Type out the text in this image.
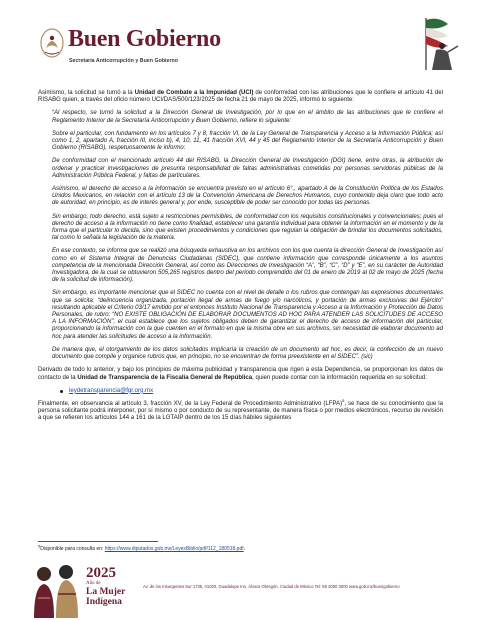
Buen Gobierno
Secretaría Anticorrupción y Buen Gobierno

Asimismo, la solicitud se turnó a la Unidad de Combate a la Impunidad (UCI) de conformidad con las atribuciones que le confiere el artículo 41 del RISABG quien, a través del oficio número UCI/DAS/500/123/2025 de fecha 21 de mayo de 2025, informó lo siguiente:

“Al respecto, se turnó la solicitud a la Dirección General de Investigación, por lo que en el ámbito de las atribuciones que le confiere el Reglamento Interior de la Secretaría Anticorrupción y Buen Gobierno, refiere lo siguiente:

Sobre el particular, con fundamento en los artículos 7 y 8, fracción VI, de la Ley General de Transparencia y Acceso a la Información Pública; así como 1, 2, apartado A, fracción III, inciso b), 4, 10, 11, 41 fracción XVI, 44 y 45 del Reglamento Interior de la Secretaría Anticorrupción y Buen Gobierno (RISABG), respetuosamente le informo:

De conformidad con el mencionado artículo 44 del RISABG, la Dirección General de Investigación (DGI) tiene, entre otras, la atribución de ordenar y practicar investigaciones de presunta responsabilidad de faltas administrativas cometidas por personas servidoras públicas de la Administración Pública Federal, y faltas de particulares.

Asimismo, el derecho de acceso a la información se encuentra previsto en el artículo 6°., apartado A de la Constitución Política de los Estados Unidos Mexicanos, en relación con el artículo 13 de la Convención Americana de Derechos Humanos, cuyo contenido deja claro que todo acto de autoridad, en principio, es de interés general y, por ende, susceptible de poder ser conocido por todas las personas.

Sin embargo, todo derecho, está sujeto a restricciones permisibles, de conformidad con los requisitos constitucionales y convencionales; pues el derecho de acceso a la información no tiene como finalidad, establecer una garantía individual para obtener la información en el momento y de la forma que el particular lo decida, sino que existen procedimientos y condiciones que regulan la obligación de brindar los documentos solicitados, tal como lo señala la legislación de la materia.

En ese contexto, se informa que se realizó una búsqueda exhaustiva en los archivos con los que cuenta la dirección General de Investigación así como en el Sistema Integral de Denuncias Ciudadanas (SIDEC), que contiene información que corresponde únicamente a los asuntos competencia de la mencionada Dirección General, así como las Direcciones de Investigación “A”, “B”, “C”, “D” y “E”, en su carácter de Autoridad Investigadora, de la cual se obtuvieron 505,265 registros dentro del periodo comprendido del 01 de enero de 2019 al 02 de mayo de 2025 (fecha de la solicitud de información).

Sin embargo, es importante mencionar que el SIDEC no cuenta con el nivel de detalle o los rubros que contengan las expresiones documentales que se solicita: “delincuencia organizada, portación ilegal de armas de fuego y/o narcóticos, y portación de armas exclusivas del Ejército” resultando aplicable el Criterio 03/17 emitido por el entonces Instituto Nacional de Transparencia y Acceso a la Información y Protección de Datos Personales, de rubro: “NO EXISTE OBLIGACIÓN DE ELABORAR DOCUMENTOS AD HOC PARA ATENDER LAS SOLICITUDES DE ACCESO A LA INFORMACIÓN”, el cual establece que los sujetos obligados deben de garantizar el derecho de acceso de información del particular, proporcionando la información con la que cuenten en el formato en que la misma obre en sus archivos, sin necesidad de elaborar documento ad hoc para atender las solicitudes de acceso a la información.

De manera que, el otorgamiento de los datos solicitados implicaría la creación de un documento ad hoc, es decir, la confección de un nuevo documento que compile y organice rubros que, en principio, no se encuentran de forma preexistente en el SIDEC”. (sic)

Derivado de todo lo anterior, y bajo los principios de máxima publicidad y transparencia que rigen a esta Dependencia, se proporcionan los datos de contacto de la Unidad de Transparencia de la Fiscalía General de República, quien puede contar con la información requerida en su solicitud:

leydetransparencia@fgr.org.mx

Finalmente, en observancia al artículo 3, fracción XV, de la Ley Federal de Procedimiento Administrativo (LFPA)$^5$, se hace de su conocimiento que la persona solicitante podrá interponer, por sí mismo o por conducto de su representante, de manera física o por medios electrónicos, recurso de revisión a que se refieren los artículos 144 a 161 de la LGTAIP dentro de los 15 días hábiles siguientes

$^5$Disponible para consulta en: https://www.diputados.gob.mx/LeyesBiblio/pdf/112_180518.pdf.
2025
Año de
La Mujer
Indígena
Av. de los Insurgentes Sur 1735, 01020, Guadalupe Inn, Álvaro Obregón, Ciudad de México Tel: 55 2000 3000 www.gob.mx/buengobierno
